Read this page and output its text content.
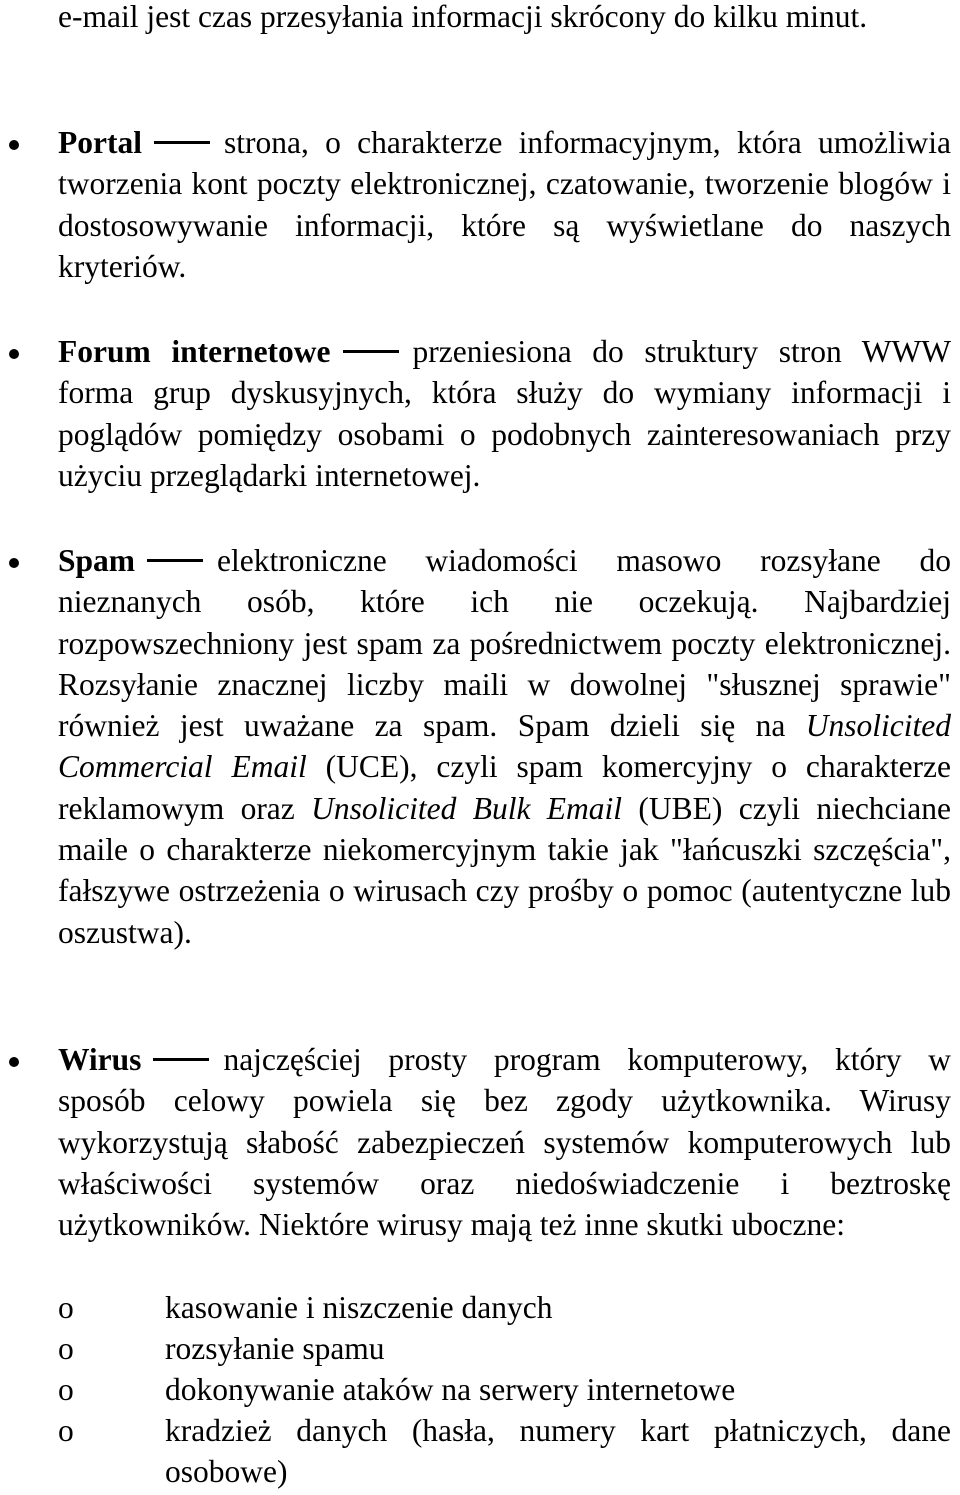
e-mail jest czas przesyłania informacji skrócony do kilku minut.

Portal	strona, o charakterze informacyjnym, która umożliwia tworzenia kont poczty elektronicznej, czatowanie, tworzenie blogów i dostosowywanie informacji, które są wyświetlane do naszych kryteriów.

Forum internetowe	przeniesiona do struktury stron WWW forma grup dyskusyjnych, która służy do wymiany informacji i poglądów pomiędzy osobami o podobnych zainteresowaniach przy użyciu przeglądarki internetowej.

Spam	elektroniczne wiadomości masowo rozsyłane do nieznanych osób, które ich nie oczekują. Najbardziej rozpowszechniony jest spam za pośrednictwem poczty elektronicznej. Rozsyłanie znacznej liczby maili w dowolnej "słusznej sprawie" również jest uważane za spam. Spam dzieli się na Unsolicited Commercial Email (UCE), czyli spam komercyjny o charakterze reklamowym oraz Unsolicited Bulk Email (UBE) czyli niechciane maile o charakterze niekomercyjnym takie jak "łańcuszki szczęścia", fałszywe ostrzeżenia o wirusach czy prośby o pomoc (autentyczne lub oszustwa).

Wirus	najczęściej prosty program komputerowy, który w sposób celowy powiela się bez zgody użytkownika. Wirusy wykorzystują słabość zabezpieczeń systemów komputerowych lub właściwości systemów oraz niedoświadczenie i beztroskę użytkowników. Niektóre wirusy mają też inne skutki uboczne:

o	kasowanie i niszczenie danych

o	rozsyłanie spamu

o	dokonywanie ataków na serwery internetowe

o	kradzież danych (hasła, numery kart płatniczych, dane osobowe)
